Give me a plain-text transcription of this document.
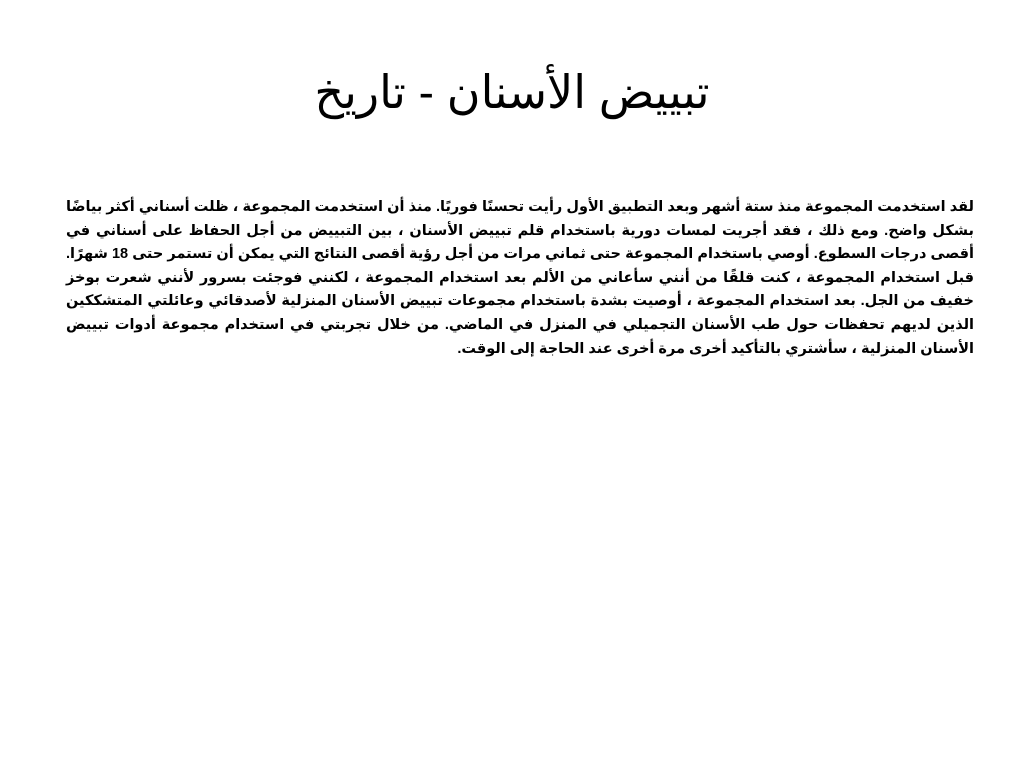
تبييض الأسنان - تاريخ

لقد استخدمت المجموعة منذ ستة أشهر وبعد التطبيق الأول رأيت تحسنًا فوريًا. منذ أن استخدمت المجموعة ، ظلت أسناني أكثر بياضًا بشكل واضح. ومع ذلك ، فقد أجريت لمسات دورية باستخدام قلم تبييض الأسنان ، بين التبييض من أجل الحفاظ على أسناني في أقصى درجات السطوع. أوصي باستخدام المجموعة حتى ثماني مرات من أجل رؤية أقصى النتائج التي يمكن أن تستمر حتى 18 شهرًا. قبل استخدام المجموعة ، كنت قلقًا من أنني سأعاني من الألم بعد استخدام المجموعة ، لكنني فوجئت بسرور لأنني شعرت بوخز خفيف من الجل. بعد استخدام المجموعة ، أوصيت بشدة باستخدام مجموعات تبييض الأسنان المنزلية لأصدقائي وعائلتي المتشككين الذين لديهم تحفظات حول طب الأسنان التجميلي في المنزل في الماضي. من خلال تجربتي في استخدام مجموعة أدوات تبييض الأسنان المنزلية ، سأشتري بالتأكيد أخرى مرة أخرى عند الحاجة إلى الوقت.
